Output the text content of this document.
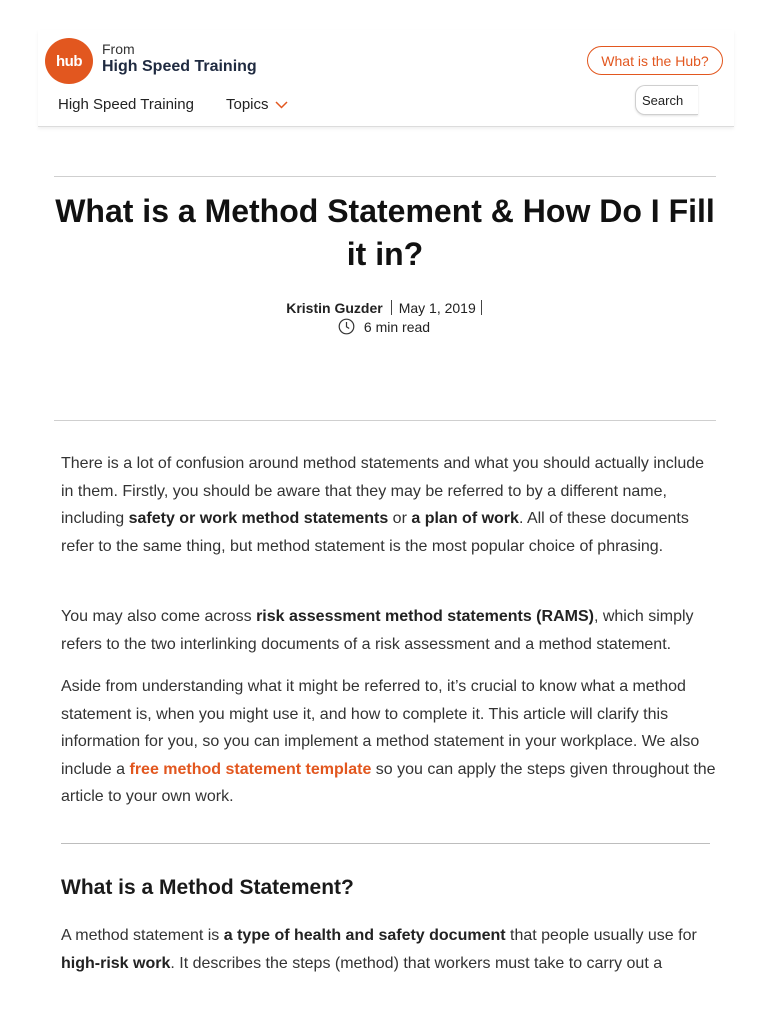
hub
From
High Speed Training	What is the Hub?
High Speed Training Topics
Search
What is a Method Statement & How Do I Fill it in?
Kristin Guzder May 1, 2019
6 min read

There is a lot of confusion around method statements and what you should actually include in them. Firstly, you should be aware that they may be referred to by a different name, including safety or work method statements or a plan of work. All of these documents refer to the same thing, but method statement is the most popular choice of phrasing.

You may also come across risk assessment method statements (RAMS), which simply refers to the two interlinking documents of a risk assessment and a method statement.

Aside from understanding what it might be referred to, it’s crucial to know what a method statement is, when you might use it, and how to complete it. This article will clarify this information for you, so you can implement a method statement in your workplace. We also include a free method statement template so you can apply the steps given throughout the article to your own work.

What is a Method Statement?

A method statement is a type of health and safety document that people usually use for high-risk work. It describes the steps (method) that workers must take to carry out a
